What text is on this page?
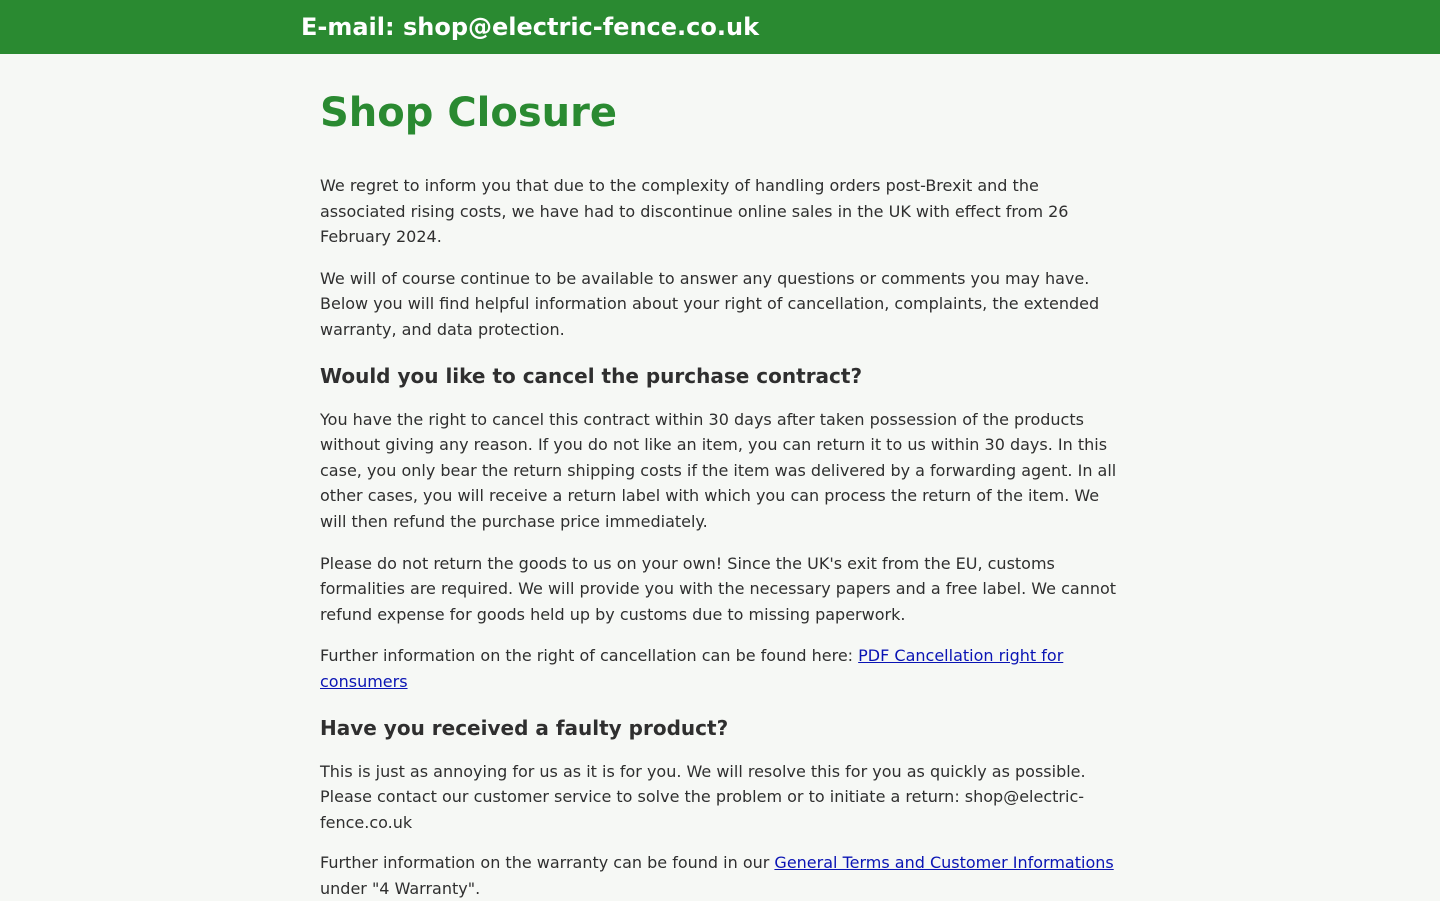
E-mail: shop@electric-fence.co.uk
Shop Closure

We regret to inform you that due to the complexity of handling orders post-Brexit and the associated rising costs, we have had to discontinue online sales in the UK with effect from 26 February 2024.

We will of course continue to be available to answer any questions or comments you may have. Below you will find helpful information about your right of cancellation, complaints, the extended warranty, and data protection.

Would you like to cancel the purchase contract?

You have the right to cancel this contract within 30 days after taken possession of the products without giving any reason. If you do not like an item, you can return it to us within 30 days. In this case, you only bear the return shipping costs if the item was delivered by a forwarding agent. In all other cases, you will receive a return label with which you can process the return of the item. We will then refund the purchase price immediately.

Please do not return the goods to us on your own! Since the UK's exit from the EU, customs formalities are required. We will provide you with the necessary papers and a free label. We cannot refund expense for goods held up by customs due to missing paperwork.

Further information on the right of cancellation can be found here: PDF Cancellation right for consumers

Have you received a faulty product?

This is just as annoying for us as it is for you. We will resolve this for you as quickly as possible. Please contact our customer service to solve the problem or to initiate a return: shop@electric-fence.co.uk

Further information on the warranty can be found in our General Terms and Customer Informations under "4 Warranty".
